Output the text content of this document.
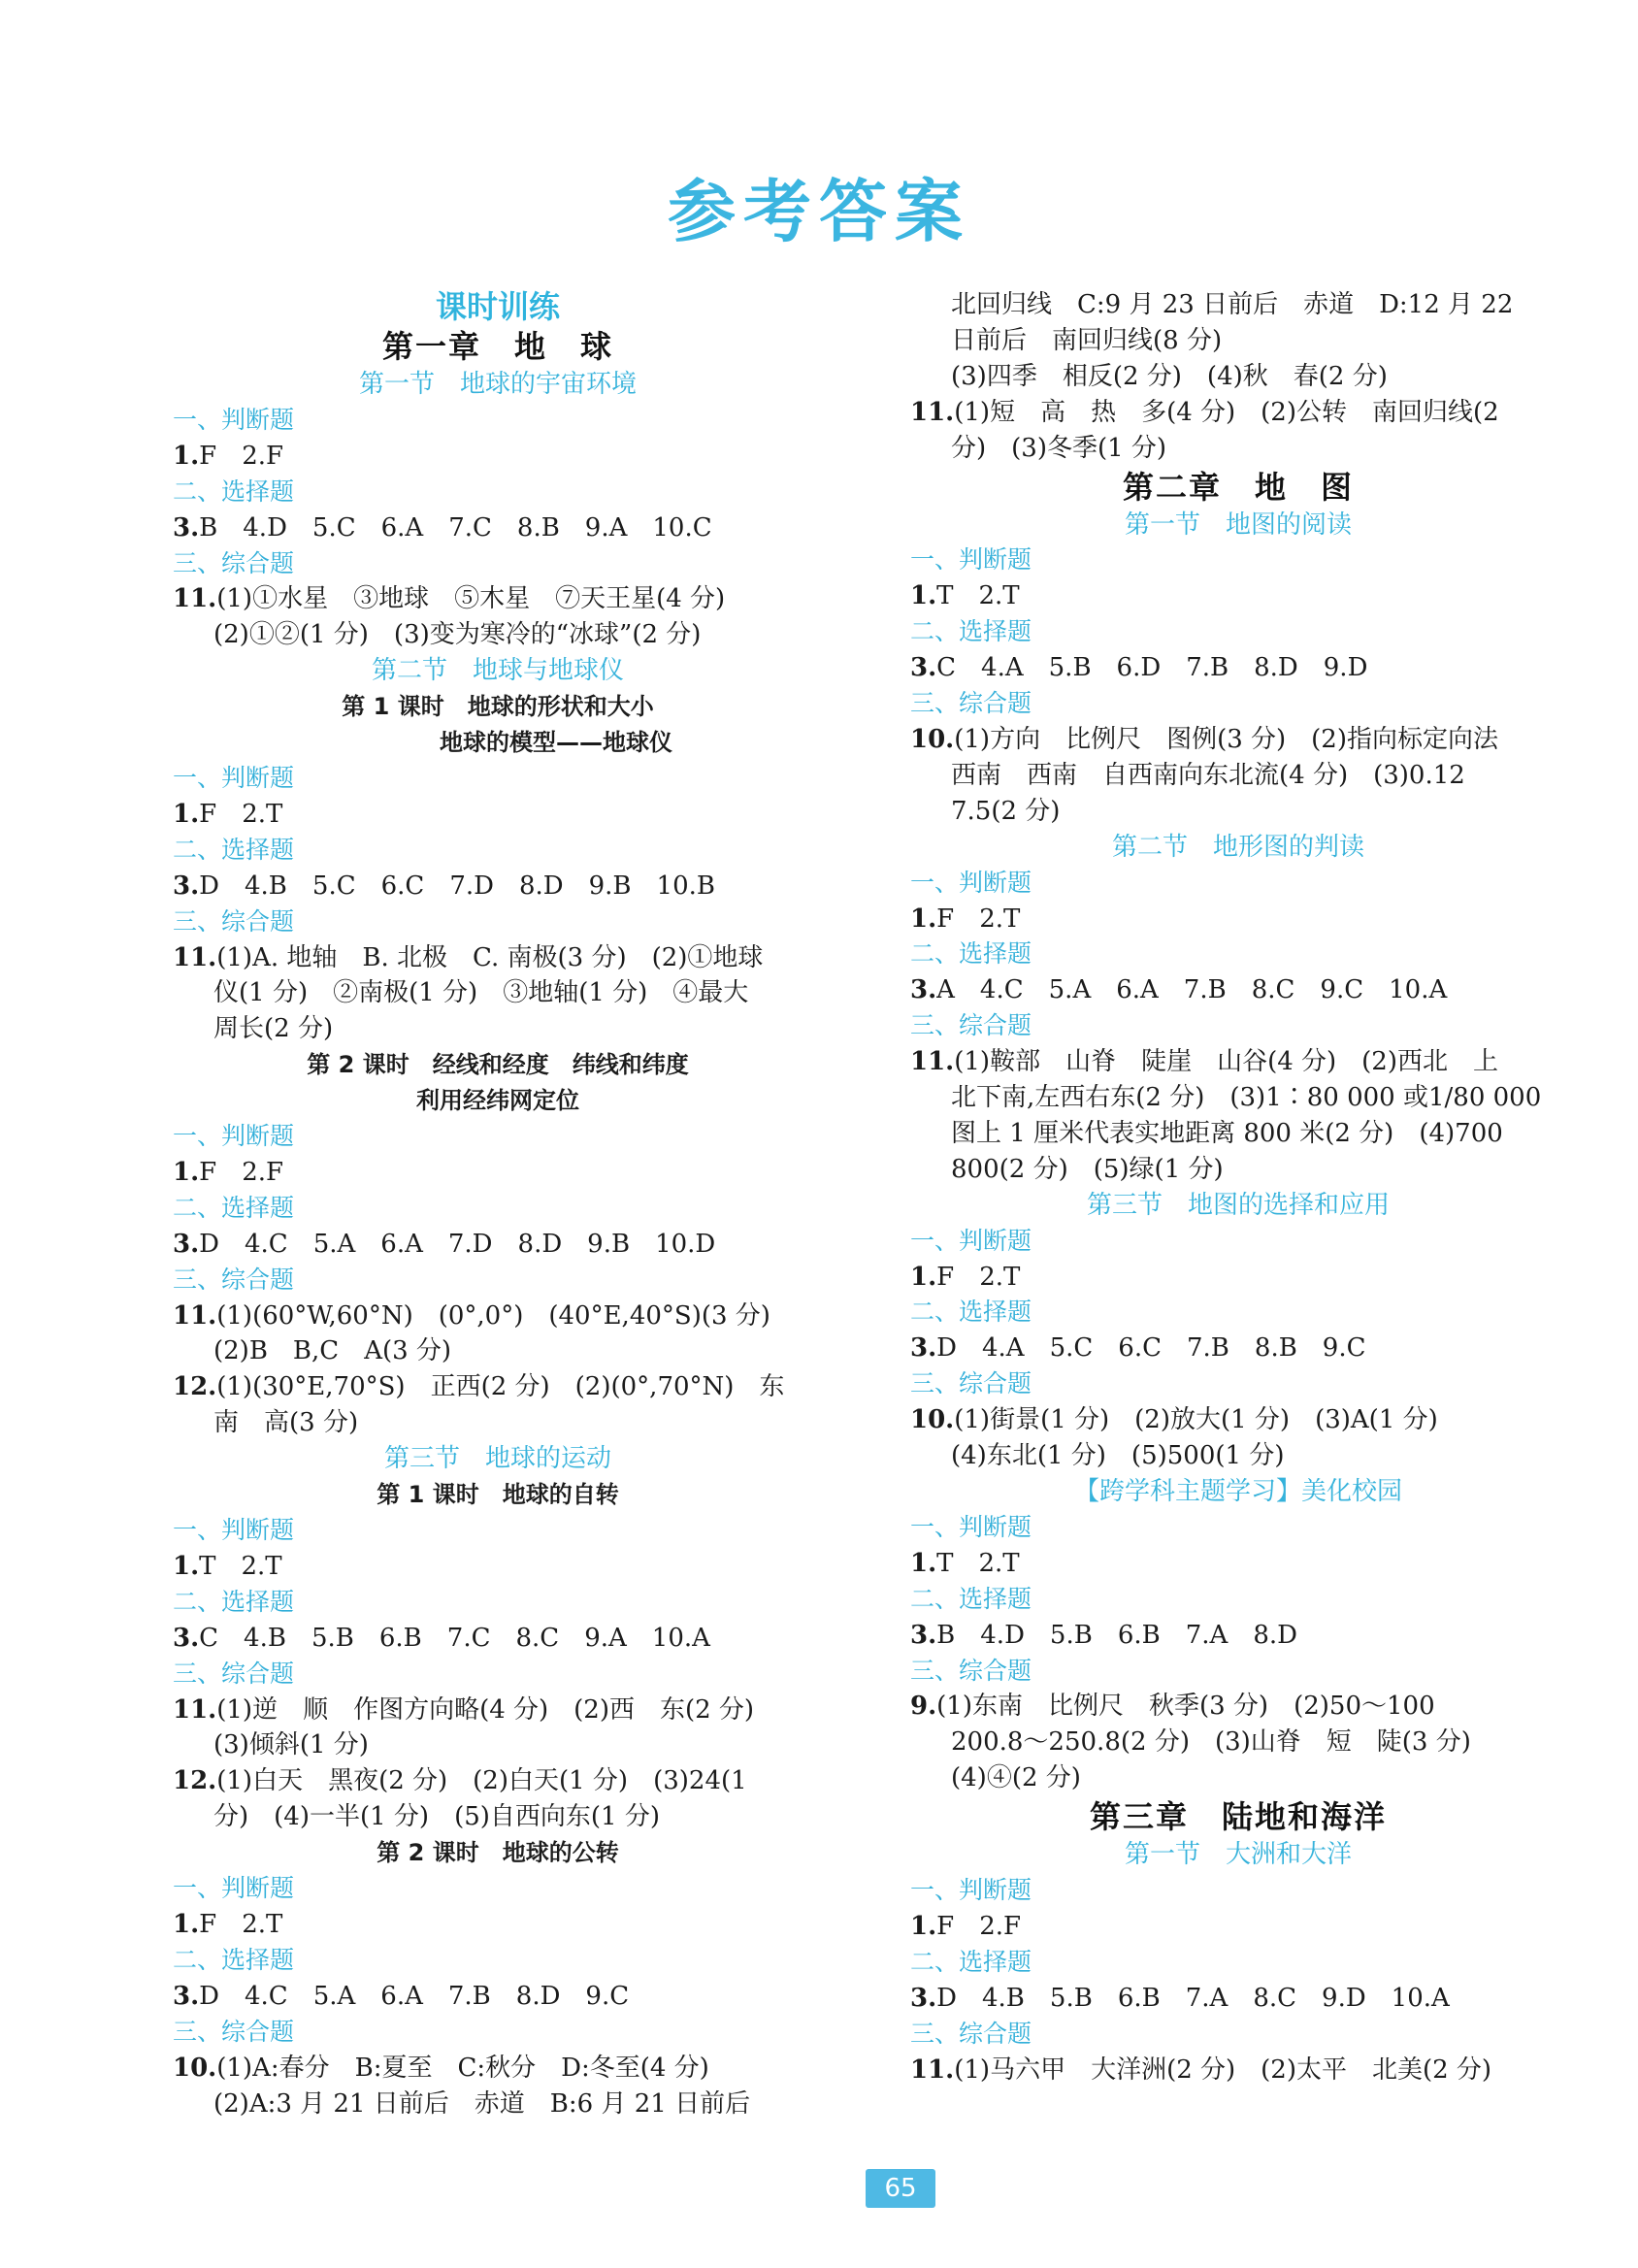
参考答案
课时训练
第一章　地　球
第一节　地球的宇宙环境
一、判断题
1.F　2.F
二、选择题
3.B　4.D　5.C　6.A　7.C　8.B　9.A　10.C
三、综合题
11.(1)①水星　③地球　⑤木星　⑦天王星(4 分)
(2)①②(1 分)　(3)变为寒冷的“冰球”(2 分)
第二节　地球与地球仪
第 1 课时　地球的形状和大小
地球的模型——地球仪
一、判断题
1.F　2.T
二、选择题
3.D　4.B　5.C　6.C　7.D　8.D　9.B　10.B
三、综合题
11.(1)A. 地轴　B. 北极　C. 南极(3 分)　(2)①地球
仪(1 分)　②南极(1 分)　③地轴(1 分)　④最大
周长(2 分)
第 2 课时　经线和经度　纬线和纬度
利用经纬网定位
一、判断题
1.F　2.F
二、选择题
3.D　4.C　5.A　6.A　7.D　8.D　9.B　10.D
三、综合题
11.(1)(60°W,60°N)　(0°,0°)　(40°E,40°S)(3 分)
(2)B　B,C　A(3 分)
12.(1)(30°E,70°S)　正西(2 分)　(2)(0°,70°N)　东
南　高(3 分)
第三节　地球的运动
第 1 课时　地球的自转
一、判断题
1.T　2.T
二、选择题
3.C　4.B　5.B　6.B　7.C　8.C　9.A　10.A
三、综合题
11.(1)逆　顺　作图方向略(4 分)　(2)西　东(2 分)
(3)倾斜(1 分)
12.(1)白天　黑夜(2 分)　(2)白天(1 分)　(3)24(1
分)　(4)一半(1 分)　(5)自西向东(1 分)
第 2 课时　地球的公转
一、判断题
1.F　2.T
二、选择题
3.D　4.C　5.A　6.A　7.B　8.D　9.C
三、综合题
10.(1)A:春分　B:夏至　C:秋分　D:冬至(4 分)
(2)A:3 月 21 日前后　赤道　B:6 月 21 日前后
北回归线　C:9 月 23 日前后　赤道　D:12 月 22
日前后　南回归线(8 分)
(3)四季　相反(2 分)　(4)秋　春(2 分)
11.(1)短　高　热　多(4 分)　(2)公转　南回归线(2
分)　(3)冬季(1 分)
第二章　地　图
第一节　地图的阅读
一、判断题
1.T　2.T
二、选择题
3.C　4.A　5.B　6.D　7.B　8.D　9.D
三、综合题
10.(1)方向　比例尺　图例(3 分)　(2)指向标定向法
西南　西南　自西南向东北流(4 分)　(3)0.12
7.5(2 分)
第二节　地形图的判读
一、判断题
1.F　2.T
二、选择题
3.A　4.C　5.A　6.A　7.B　8.C　9.C　10.A
三、综合题
11.(1)鞍部　山脊　陡崖　山谷(4 分)　(2)西北　上
北下南,左西右东(2 分)　(3)1∶80 000 或1/80 000
图上 1 厘米代表实地距离 800 米(2 分)　(4)700
800(2 分)　(5)绿(1 分)
第三节　地图的选择和应用
一、判断题
1.F　2.T
二、选择题
3.D　4.A　5.C　6.C　7.B　8.B　9.C
三、综合题
10.(1)街景(1 分)　(2)放大(1 分)　(3)A(1 分)
(4)东北(1 分)　(5)500(1 分)
【跨学科主题学习】美化校园
一、判断题
1.T　2.T
二、选择题
3.B　4.D　5.B　6.B　7.A　8.D
三、综合题
9.(1)东南　比例尺　秋季(3 分)　(2)50～100
200.8～250.8(2 分)　(3)山脊　短　陡(3 分)
(4)④(2 分)
第三章　陆地和海洋
第一节　大洲和大洋
一、判断题
1.F　2.F
二、选择题
3.D　4.B　5.B　6.B　7.A　8.C　9.D　10.A
三、综合题
11.(1)马六甲　大洋洲(2 分)　(2)太平　北美(2 分)
65
